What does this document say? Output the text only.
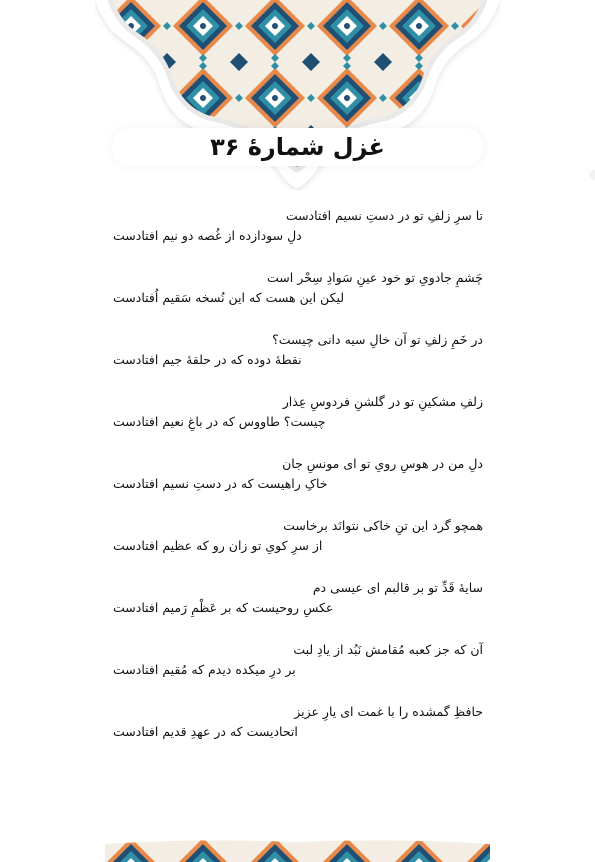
غزل شمارهٔ ۳۶
تا سرِ زلفِ تو در دستِ نسیم افتادست
دلِ سودازده از غُصه دو نیم افتادست
چَشمِ جادویِ تو خود عینِ سَوادِ سِحْر است
لیکن این هست که این نُسخه سَقیم اُفتادست
در خَمِ زلفِ تو آن خالِ سیه دانی چیست؟
نقطهٔ دوده که در حلقهٔ جیم افتادست
زلفِ مشکینِ تو در گلشنِ فردوسِ عِذار
چیست؟ طاووس که در باغِ نعیم افتادست
دلِ من در هوسِ رویِ تو ای مونسِ جان
خاکِ راهیست که در دستِ نسیم افتادست
همچو گرد این تنِ خاکی نتوانَد برخاست
از سرِ کویِ تو زان رو که عظیم افتادست
سایهٔ قَدِّ تو بر قالبم ای عیسی دم
عکسِ روحیست که بر عَظْمِ رَمیم افتادست
آن که جز کعبه مُقامش نَبُد از یادِ لبت
بر درِ میکده دیدم که مُقیم افتادست
حافظِ گمشده را با غمت ای یارِ عزیز
اتحادیست که در عهدِ قدیم افتادست
